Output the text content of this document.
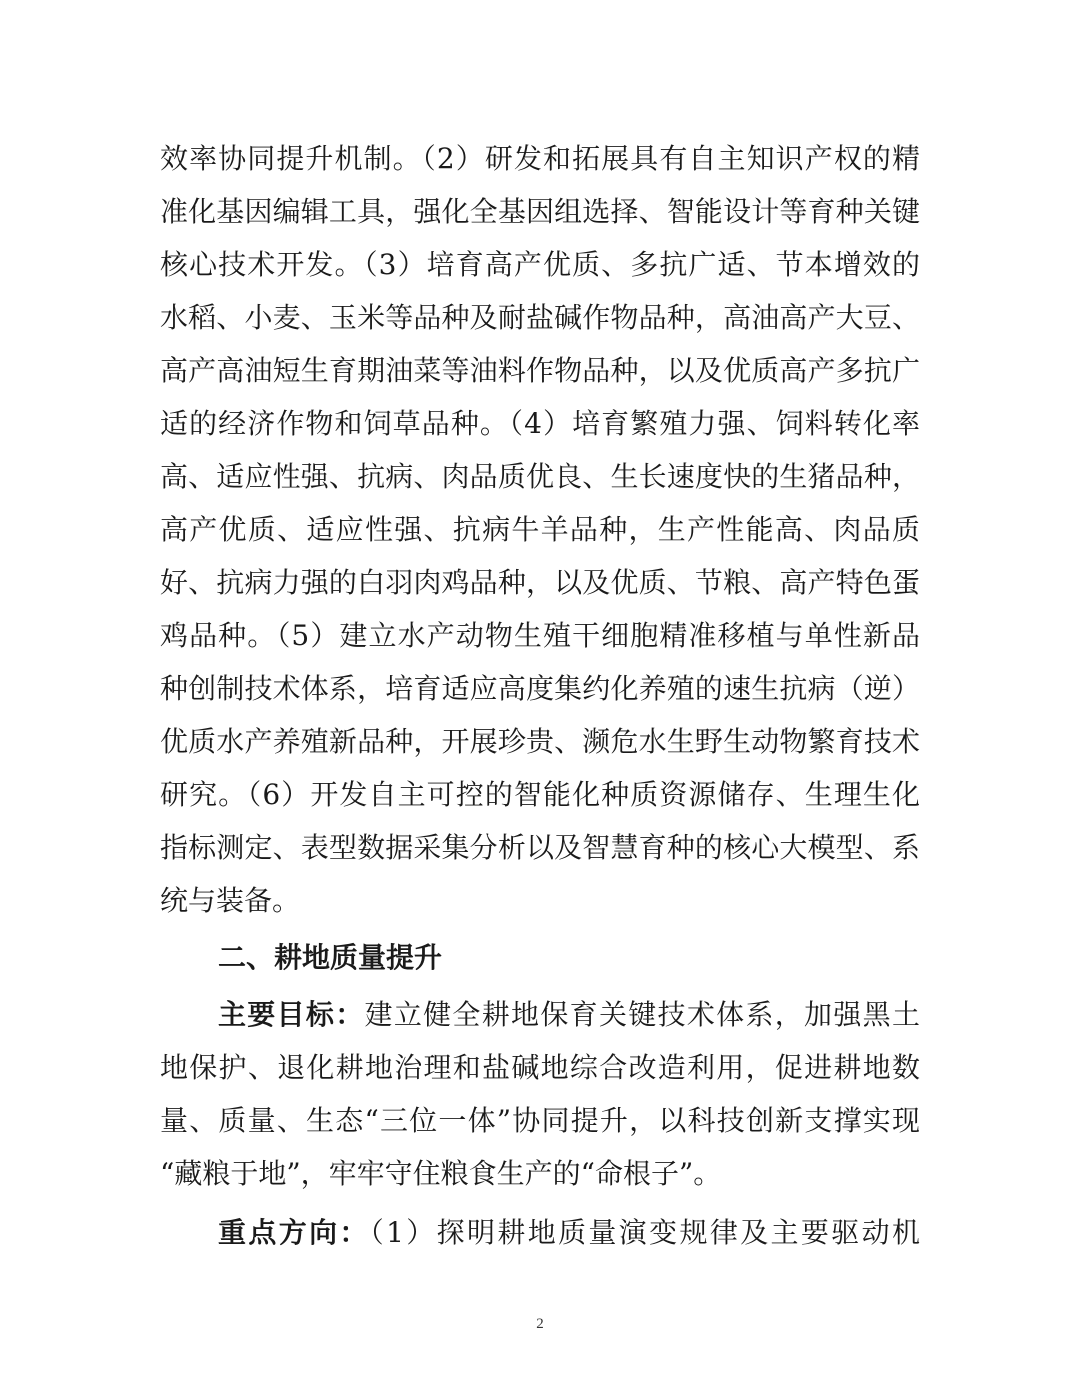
效率协同提升机制。（2）研发和拓展具有自主知识产权的精
准化基因编辑工具，强化全基因组选择、智能设计等育种关键
核心技术开发。（3）培育高产优质、多抗广适、节本增效的
水稻、小麦、玉米等品种及耐盐碱作物品种，高油高产大豆、
高产高油短生育期油菜等油料作物品种，以及优质高产多抗广
适的经济作物和饲草品种。（4）培育繁殖力强、饲料转化率
高、适应性强、抗病、肉品质优良、生长速度快的生猪品种，
高产优质、适应性强、抗病牛羊品种，生产性能高、肉品质
好、抗病力强的白羽肉鸡品种，以及优质、节粮、高产特色蛋
鸡品种。（5）建立水产动物生殖干细胞精准移植与单性新品
种创制技术体系，培育适应高度集约化养殖的速生抗病（逆）
优质水产养殖新品种，开展珍贵、濒危水生野生动物繁育技术
研究。（6）开发自主可控的智能化种质资源储存、生理生化
指标测定、表型数据采集分析以及智慧育种的核心大模型、系
统与装备。
二、耕地质量提升
主要目标：建立健全耕地保育关键技术体系，加强黑土
地保护、退化耕地治理和盐碱地综合改造利用，促进耕地数
量、质量、生态“三位一体”协同提升，以科技创新支撑实现
“藏粮于地”，牢牢守住粮食生产的“命根子”。
重点方向：（1）探明耕地质量演变规律及主要驱动机
2
